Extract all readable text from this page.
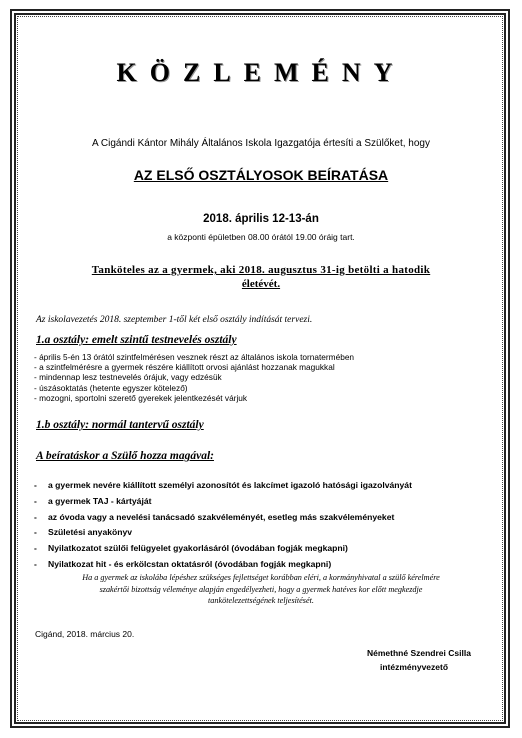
KÖZLEMÉNY
A Cigándi Kántor Mihály Általános Iskola Igazgatója értesíti a Szülőket, hogy
AZ ELSŐ OSZTÁLYOSOK BEÍRATÁSA
2018. április 12-13-án
a központi épületben 08.00 órától 19.00 óráig tart.
Tanköteles az a gyermek, aki 2018. augusztus 31-ig betölti a hatodik
életévét.
Az iskolavezetés 2018. szeptember 1-től két első osztály indítását tervezi.
1.a osztály: emelt szintű testnevelés osztály
- április 5-én 13 órától szintfelmérésen vesznek részt az általános iskola tornatermében
- a szintfelmérésre a gyermek részére kiállított orvosi ajánlást hozzanak magukkal
- mindennap lesz testnevelés órájuk, vagy edzésük
- úszásoktatás (hetente egyszer kötelező)
- mozogni, sportolni szerető gyerekek jelentkezését várjuk
1.b osztály: normál tantervű osztály
A beíratáskor a Szülő hozza magával:
- a gyermek nevére kiállított személyi azonosítót és lakcímet igazoló hatósági igazolványát
- a gyermek TAJ - kártyáját
- az óvoda vagy a nevelési tanácsadó szakvéleményét, esetleg más szakvéleményeket
- Születési anyakönyv
- Nyilatkozatot szülői felügyelet gyakorlásáról (óvodában fogják megkapni)
- Nyilatkozat hit - és erkölcstan oktatásról (óvodában fogják megkapni)
Ha a gyermek az iskolába lépéshez szükséges fejlettséget korábban eléri, a kormányhivatal a szülő kérelmére
szakértői bizottság véleménye alapján engedélyezheti, hogy a gyermek hatéves kor előtt megkezdje
tankötelezettségének teljesítését.
Cigánd, 2018. március 20.
Némethné Szendrei Csilla
intézményvezető
